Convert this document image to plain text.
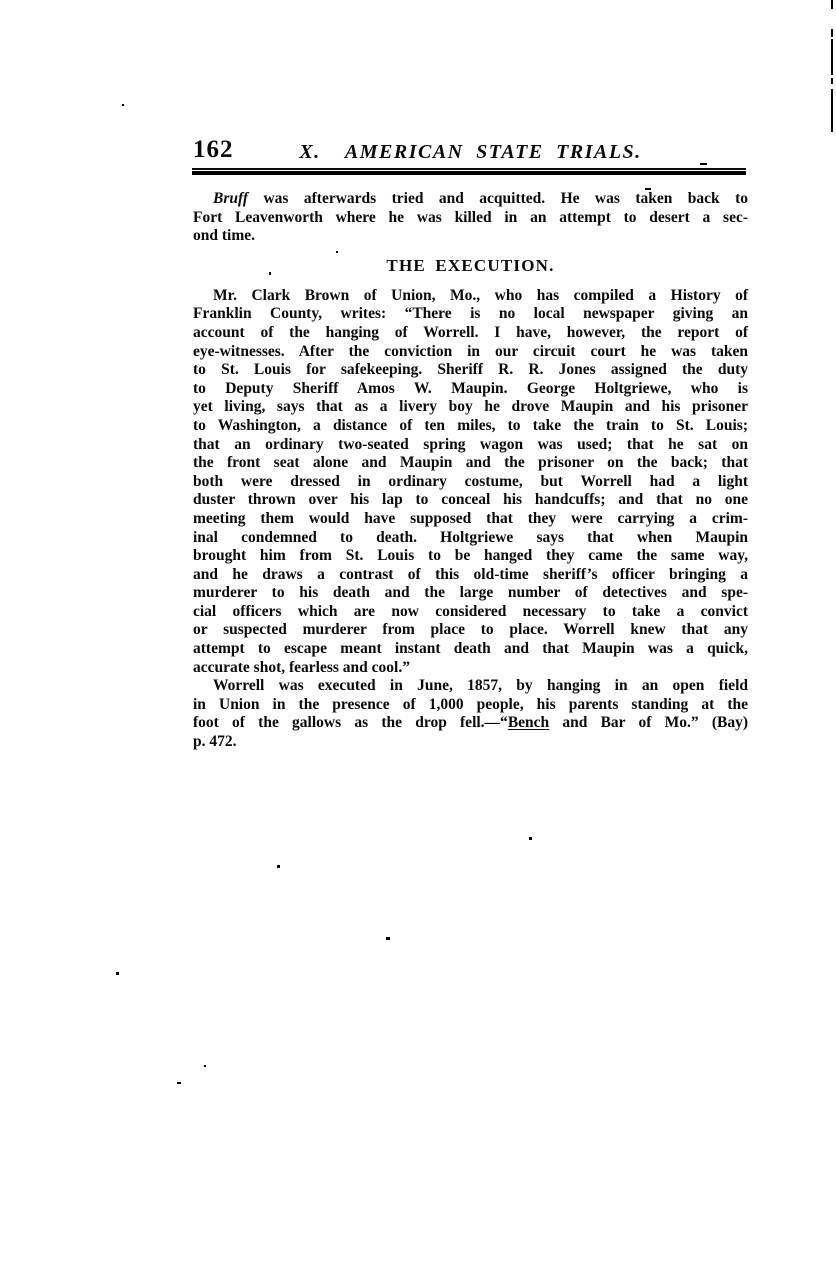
162	X.  AMERICAN STATE TRIALS.
Bruff was afterwards tried and acquitted. He was taken back to
Fort Leavenworth where he was killed in an attempt to desert a sec-
ond time.
THE EXECUTION.
Mr. Clark Brown of Union, Mo., who has compiled a History of
Franklin County, writes: “There is no local newspaper giving an
account of the hanging of Worrell. I have, however, the report of
eye-witnesses. After the conviction in our circuit court he was taken
to St. Louis for safekeeping. Sheriff R. R. Jones assigned the duty
to Deputy Sheriff Amos W. Maupin. George Holtgriewe, who is
yet living, says that as a livery boy he drove Maupin and his prisoner
to Washington, a distance of ten miles, to take the train to St. Louis;
that an ordinary two-seated spring wagon was used; that he sat on
the front seat alone and Maupin and the prisoner on the back; that
both were dressed in ordinary costume, but Worrell had a light
duster thrown over his lap to conceal his handcuffs; and that no one
meeting them would have supposed that they were carrying a crim-
inal condemned to death. Holtgriewe says that when Maupin
brought him from St. Louis to be hanged they came the same way,
and he draws a contrast of this old-time sheriff’s officer bringing a
murderer to his death and the large number of detectives and spe-
cial officers which are now considered necessary to take a convict
or suspected murderer from place to place. Worrell knew that any
attempt to escape meant instant death and that Maupin was a quick,
accurate shot, fearless and cool.”
Worrell was executed in June, 1857, by hanging in an open field
in Union in the presence of 1,000 people, his parents standing at the
foot of the gallows as the drop fell.—“Bench and Bar of Mo.” (Bay)
p. 472.
